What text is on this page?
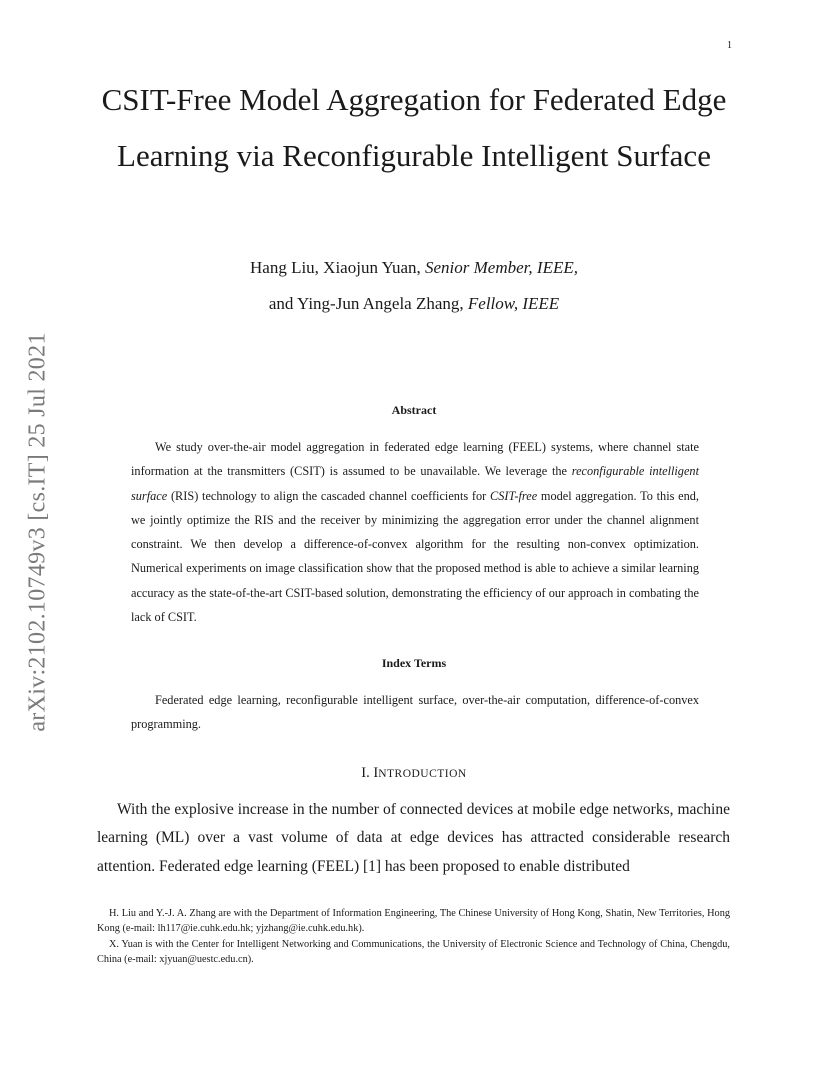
1
arXiv:2102.10749v3 [cs.IT] 25 Jul 2021
CSIT-Free Model Aggregation for Federated Edge Learning via Reconfigurable Intelligent Surface
Hang Liu, Xiaojun Yuan, Senior Member, IEEE,
and Ying-Jun Angela Zhang, Fellow, IEEE
Abstract

We study over-the-air model aggregation in federated edge learning (FEEL) systems, where channel state information at the transmitters (CSIT) is assumed to be unavailable. We leverage the reconfigurable intelligent surface (RIS) technology to align the cascaded channel coefficients for CSIT-free model aggregation. To this end, we jointly optimize the RIS and the receiver by minimizing the aggregation error under the channel alignment constraint. We then develop a difference-of-convex algorithm for the resulting non-convex optimization. Numerical experiments on image classification show that the proposed method is able to achieve a similar learning accuracy as the state-of-the-art CSIT-based solution, demonstrating the efficiency of our approach in combating the lack of CSIT.

Index Terms

Federated edge learning, reconfigurable intelligent surface, over-the-air computation, difference-of-convex programming.

I. INTRODUCTION

With the explosive increase in the number of connected devices at mobile edge networks, machine learning (ML) over a vast volume of data at edge devices has attracted considerable research attention. Federated edge learning (FEEL) [1] has been proposed to enable distributed

H. Liu and Y.-J. A. Zhang are with the Department of Information Engineering, The Chinese University of Hong Kong, Shatin, New Territories, Hong Kong (e-mail: lh117@ie.cuhk.edu.hk; yjzhang@ie.cuhk.edu.hk).

X. Yuan is with the Center for Intelligent Networking and Communications, the University of Electronic Science and Technology of China, Chengdu, China (e-mail: xjyuan@uestc.edu.cn).
